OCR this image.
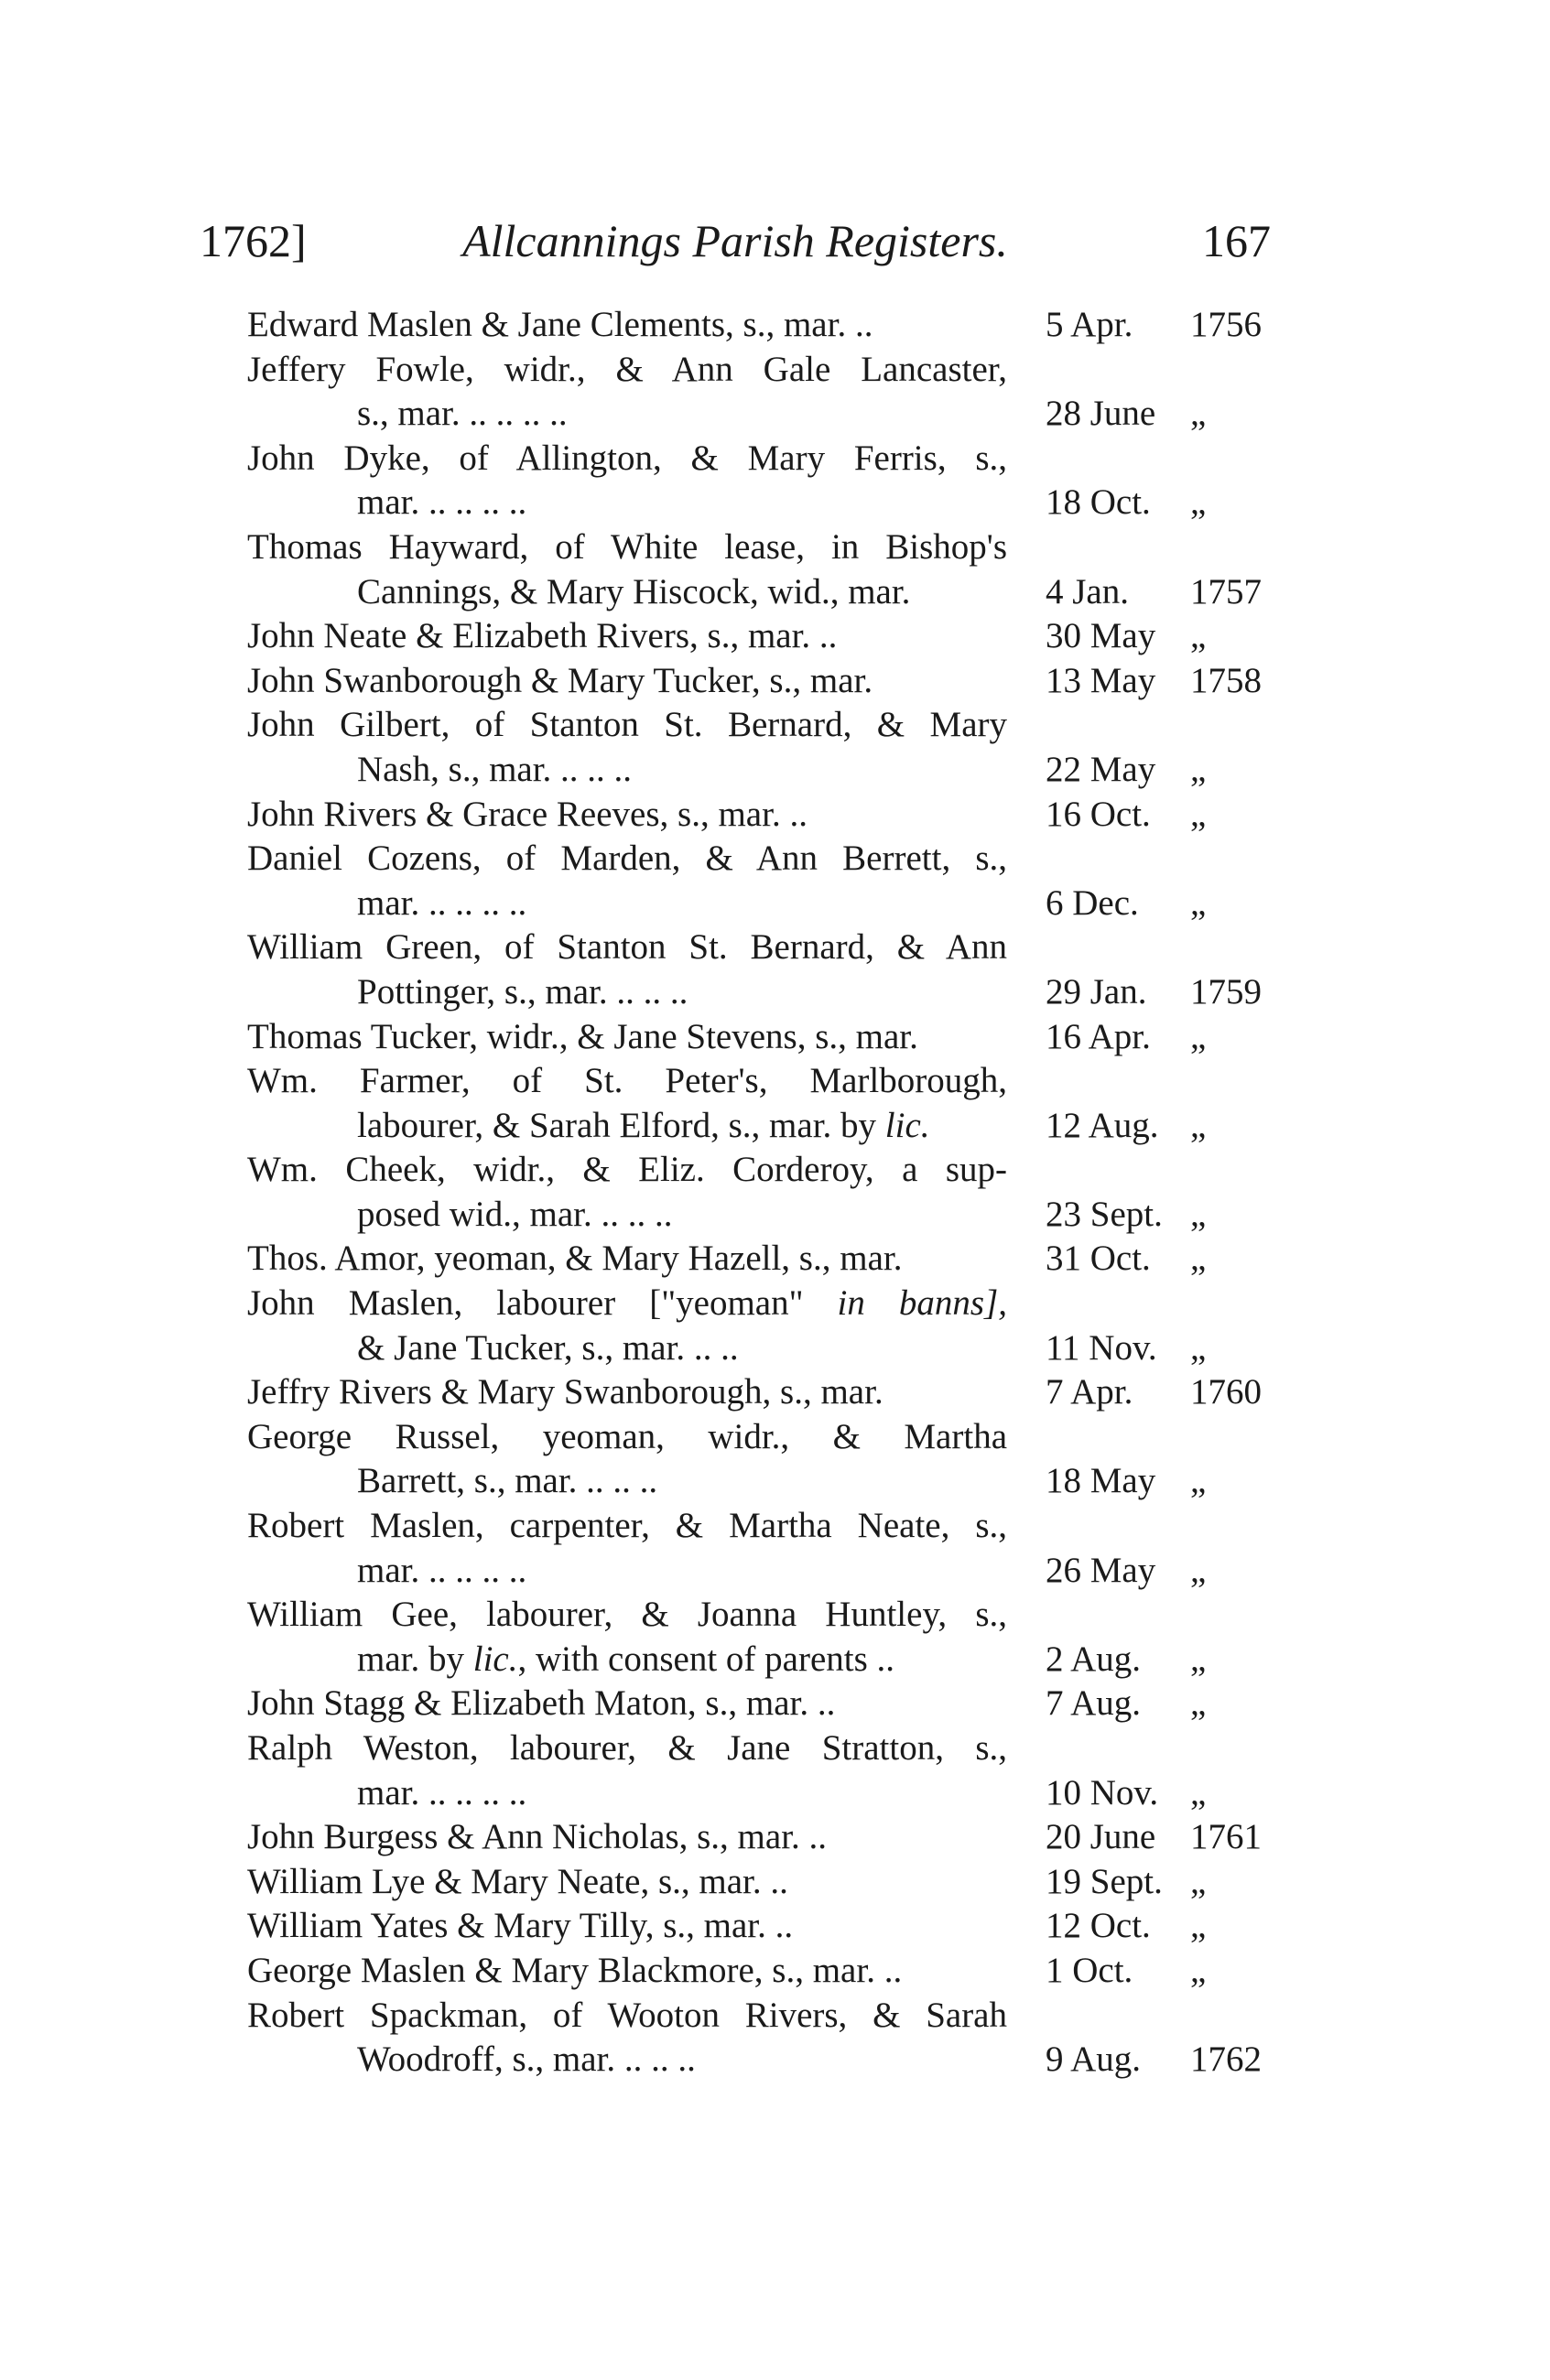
1762]	Allcannings Parish Registers.	167
Edward Maslen & Jane Clements, s., mar. ..	5 Apr.	1756
Jeffery Fowle, widr., & Ann Gale Lancaster,
s., mar. .. .. .. ..	28 June „
John Dyke, of Allington, & Mary Ferris, s.,
mar. .. .. .. ..	18 Oct.	„
Thomas Hayward, of White lease, in Bishop's
Cannings, & Mary Hiscock, wid., mar.	4 Jan.	1757
John Neate & Elizabeth Rivers, s., mar. ..	30 May „
John Swanborough & Mary Tucker, s., mar.	13 May 1758
John Gilbert, of Stanton St. Bernard, & Mary
Nash, s., mar. .. .. ..	22 May „
John Rivers & Grace Reeves, s., mar. ..	16 Oct.	„
Daniel Cozens, of Marden, & Ann Berrett, s.,
mar. .. .. .. ..	6 Dec.	„
William Green, of Stanton St. Bernard, & Ann
Pottinger, s., mar. .. .. ..	29 Jan.	1759
Thomas Tucker, widr., & Jane Stevens, s., mar.	16 Apr.	„
Wm. Farmer, of St. Peter's, Marlborough,
labourer, & Sarah Elford, s., mar. by lic.	12 Aug. „
Wm. Cheek, widr., & Eliz. Corderoy, a sup-
posed wid., mar. .. .. ..	23 Sept. „
Thos. Amor, yeoman, & Mary Hazell, s., mar.	31 Oct.	„
John Maslen, labourer ["yeoman" in banns],
& Jane Tucker, s., mar. .. ..	11 Nov. „
Jeffry Rivers & Mary Swanborough, s., mar.	7 Apr.	1760
George Russel, yeoman, widr., & Martha
Barrett, s., mar. .. .. ..	18 May „
Robert Maslen, carpenter, & Martha Neate, s.,
mar. .. .. .. ..	26 May „
William Gee, labourer, & Joanna Huntley, s.,
mar. by lic., with consent of parents ..	2 Aug.	„
John Stagg & Elizabeth Maton, s., mar. ..	7 Aug.	„
Ralph Weston, labourer, & Jane Stratton, s.,
mar. .. .. .. ..	10 Nov. „
John Burgess & Ann Nicholas, s., mar. ..	20 June 1761
William Lye & Mary Neate, s., mar. ..	19 Sept. „
William Yates & Mary Tilly, s., mar. ..	12 Oct.	„
George Maslen & Mary Blackmore, s., mar. ..	1 Oct.	„
Robert Spackman, of Wooton Rivers, & Sarah
Woodroff, s., mar. .. .. ..	9 Aug.	1762
